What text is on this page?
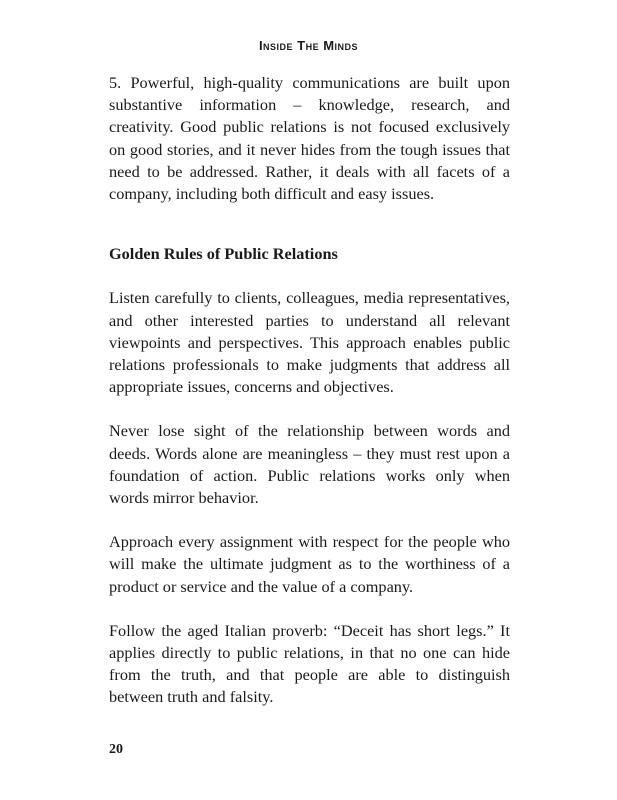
Inside The Minds

5. Powerful, high-quality communications are built upon substantive information – knowledge, research, and creativity. Good public relations is not focused exclusively on good stories, and it never hides from the tough issues that need to be addressed. Rather, it deals with all facets of a company, including both difficult and easy issues.

Golden Rules of Public Relations

Listen carefully to clients, colleagues, media representatives, and other interested parties to understand all relevant viewpoints and perspectives. This approach enables public relations professionals to make judgments that address all appropriate issues, concerns and objectives.

Never lose sight of the relationship between words and deeds. Words alone are meaningless – they must rest upon a foundation of action. Public relations works only when words mirror behavior.

Approach every assignment with respect for the people who will make the ultimate judgment as to the worthiness of a product or service and the value of a company.

Follow the aged Italian proverb: “Deceit has short legs.” It applies directly to public relations, in that no one can hide from the truth, and that people are able to distinguish between truth and falsity.

20
